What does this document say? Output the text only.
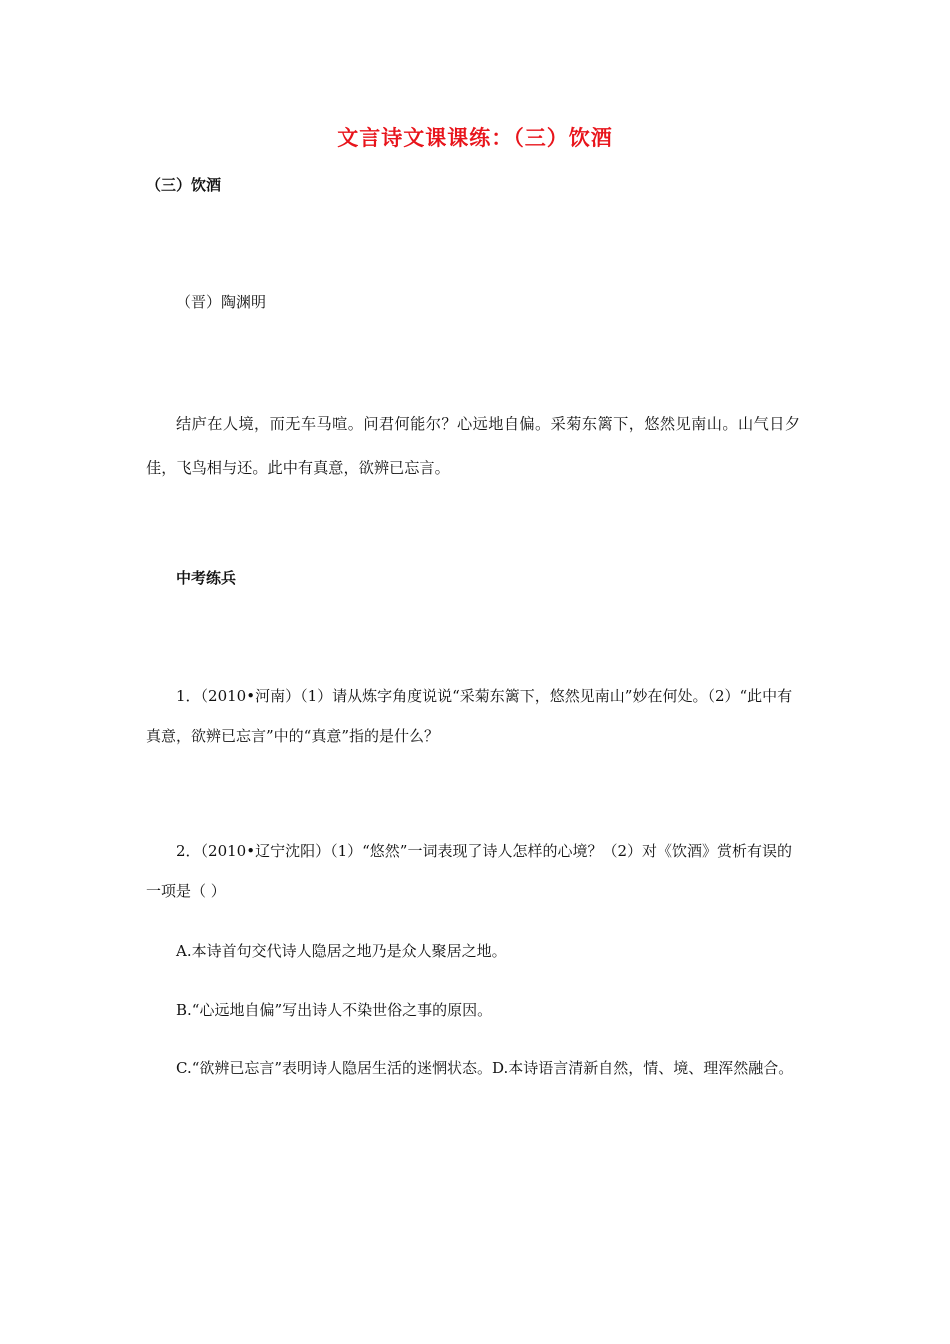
文言诗文课课练：（三）饮酒
（三）饮酒
（晋）陶渊明

结庐在人境，而无车马喧。问君何能尔？心远地自偏。采菊东篱下，悠然见南山。山气日夕佳，飞鸟相与还。此中有真意，欲辨已忘言。

中考练兵

1．（2010•河南）（1）请从炼字角度说说“采菊东篱下，悠然见南山”妙在何处。（2）“此中有真意，欲辨已忘言”中的“真意”指的是什么？

2．（2010•辽宁沈阳）（1）“悠然”一词表现了诗人怎样的心境？（2）对《饮酒》赏析有误的一项是（ ）

A.本诗首句交代诗人隐居之地乃是众人聚居之地。

B.“心远地自偏”写出诗人不染世俗之事的原因。

C.“欲辨已忘言”表明诗人隐居生活的迷惘状态。D.本诗语言清新自然，情、境、理浑然融合。
